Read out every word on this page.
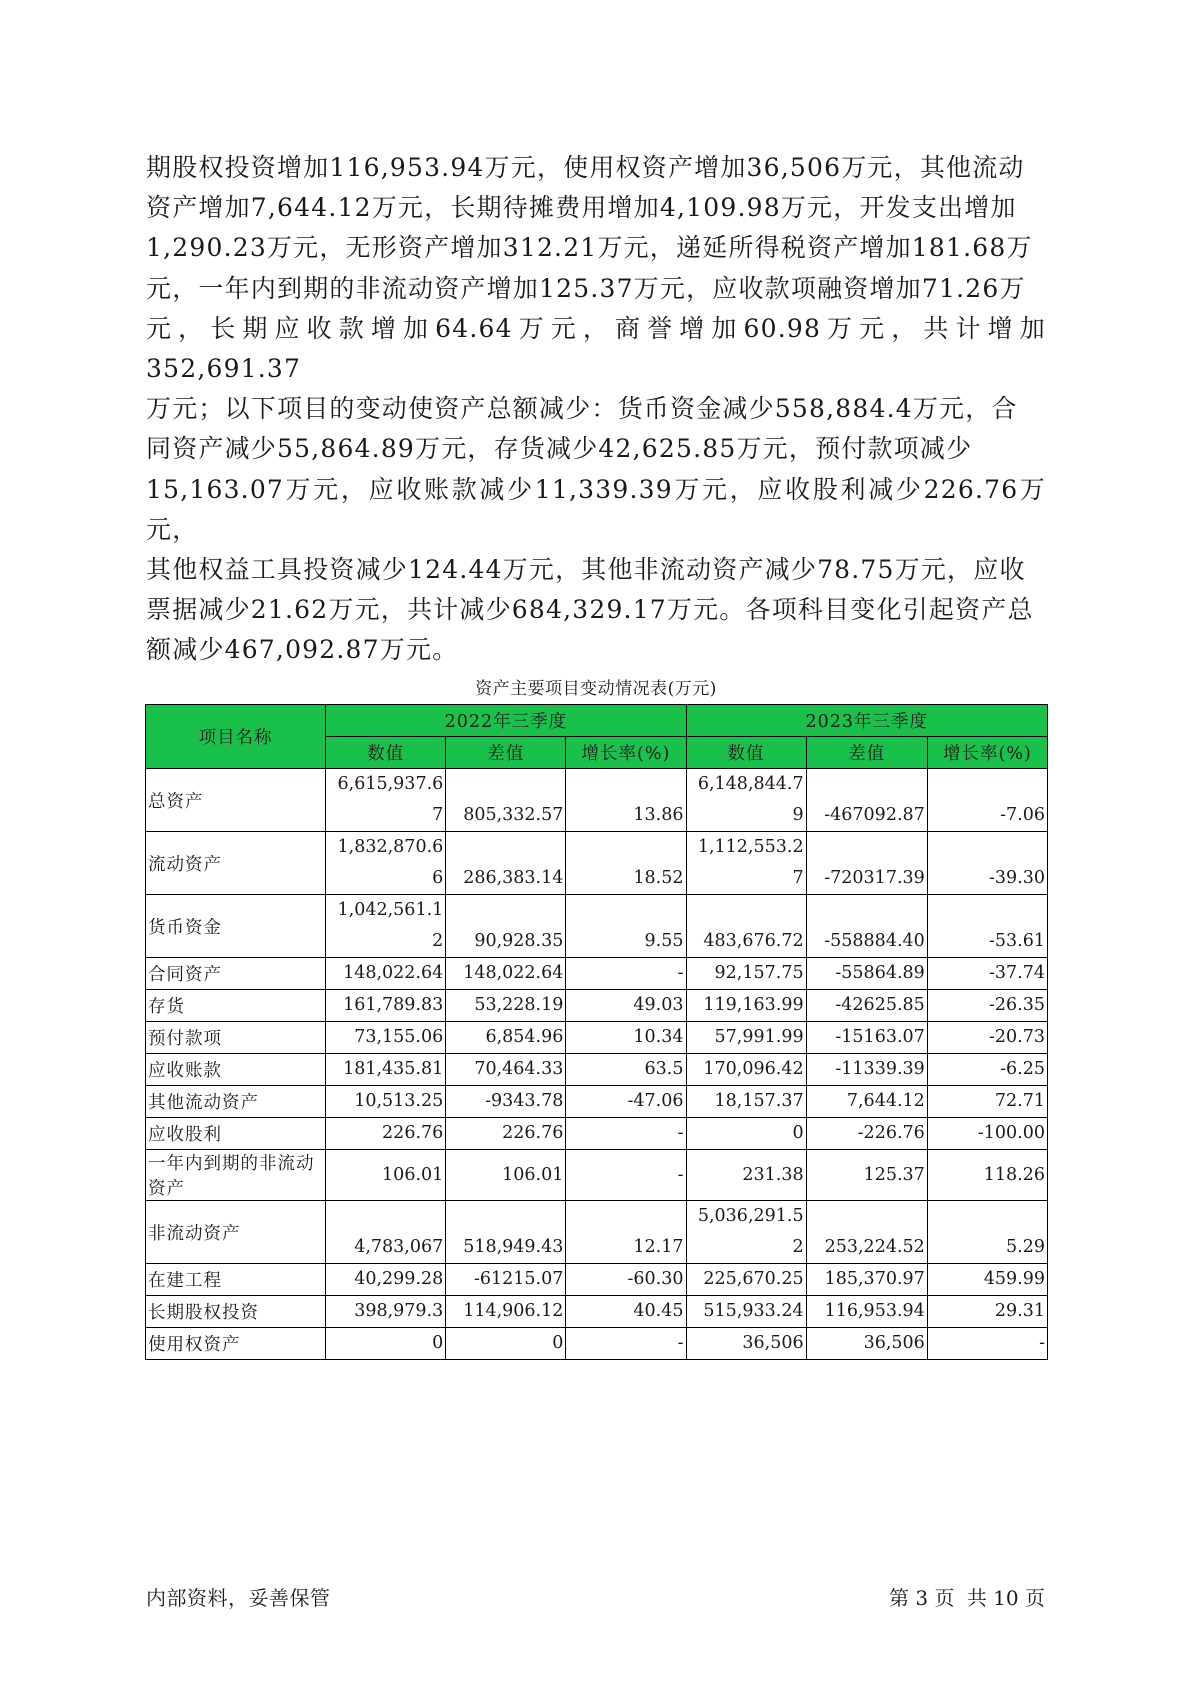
期股权投资增加116,953.94万元，使用权资产增加36,506万元，其他流动

资产增加7,644.12万元，长期待摊费用增加4,109.98万元，开发支出增加

1,290.23万元，无形资产增加312.21万元，递延所得税资产增加181.68万

元，一年内到期的非流动资产增加125.37万元，应收款项融资增加71.26万

元，长期应收款增加64.64万元，商誉增加60.98万元，共计增加352,691.37

万元；以下项目的变动使资产总额减少：货币资金减少558,884.4万元，合

同资产减少55,864.89万元，存货减少42,625.85万元，预付款项减少

15,163.07万元，应收账款减少11,339.39万元，应收股利减少226.76万元，

其他权益工具投资减少124.44万元，其他非流动资产减少78.75万元，应收

票据减少21.62万元，共计减少684,329.17万元。各项科目变化引起资产总

额减少467,092.87万元。

资产主要项目变动情况表(万元)
项目名称	2022年三季度			2023年三季度		
	数值	差值	增长率(%)	数值	差值	增长率(%)
总资产	6,615,937.67	805,332.57	13.86	6,148,844.79	-467092.87	-7.06
流动资产	1,832,870.66	286,383.14	18.52	1,112,553.27	-720317.39	-39.30
货币资金	1,042,561.12	90,928.35	9.55	483,676.72	-558884.40	-53.61
合同资产	148,022.64	148,022.64	-	92,157.75	-55864.89	-37.74
存货	161,789.83	53,228.19	49.03	119,163.99	-42625.85	-26.35
预付款项	73,155.06	6,854.96	10.34	57,991.99	-15163.07	-20.73
应收账款	181,435.81	70,464.33	63.5	170,096.42	-11339.39	-6.25
其他流动资产	10,513.25	-9343.78	-47.06	18,157.37	7,644.12	72.71
应收股利	226.76	226.76	-	0	-226.76	-100.00
一年内到期的非流动资产	106.01	106.01	-	231.38	125.37	118.26
非流动资产	4,783,067	518,949.43	12.17	5,036,291.52	253,224.52	5.29
在建工程	40,299.28	-61215.07	-60.30	225,670.25	185,370.97	459.99
长期股权投资	398,979.3	114,906.12	40.45	515,933.24	116,953.94	29.31
使用权资产	0	0	-	36,506	36,506	-
内部资料，妥善保管	第 3 页 共 10 页
